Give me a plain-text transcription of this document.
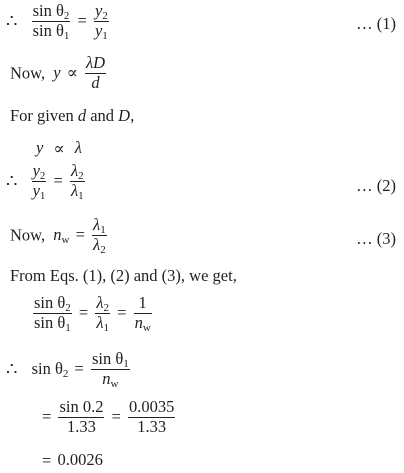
∴ $\frac{\sin \theta_2}{\sin \theta_1} = \frac{y_2}{y_1}$	… (1)
Now, $y \propto \frac{\lambda D}{d}$
For given d and D,
y ∝ λ
∴ $\frac{y_2}{y_1} = \frac{\lambda_2}{\lambda_1}$	… (2)
Now, $n_w = \frac{\lambda_1}{\lambda_2}$	… (3)
From Eqs. (1), (2) and (3), we get,
$\frac{\sin \theta_2}{\sin \theta_1} = \frac{\lambda_2}{\lambda_1} = \frac{1}{n_w}$
∴ $\sin \theta_2 = \frac{\sin \theta_1}{n_w}$
= $\frac{\sin 0.2}{1.33} = \frac{0.0035}{1.33}$
= 0.0026
